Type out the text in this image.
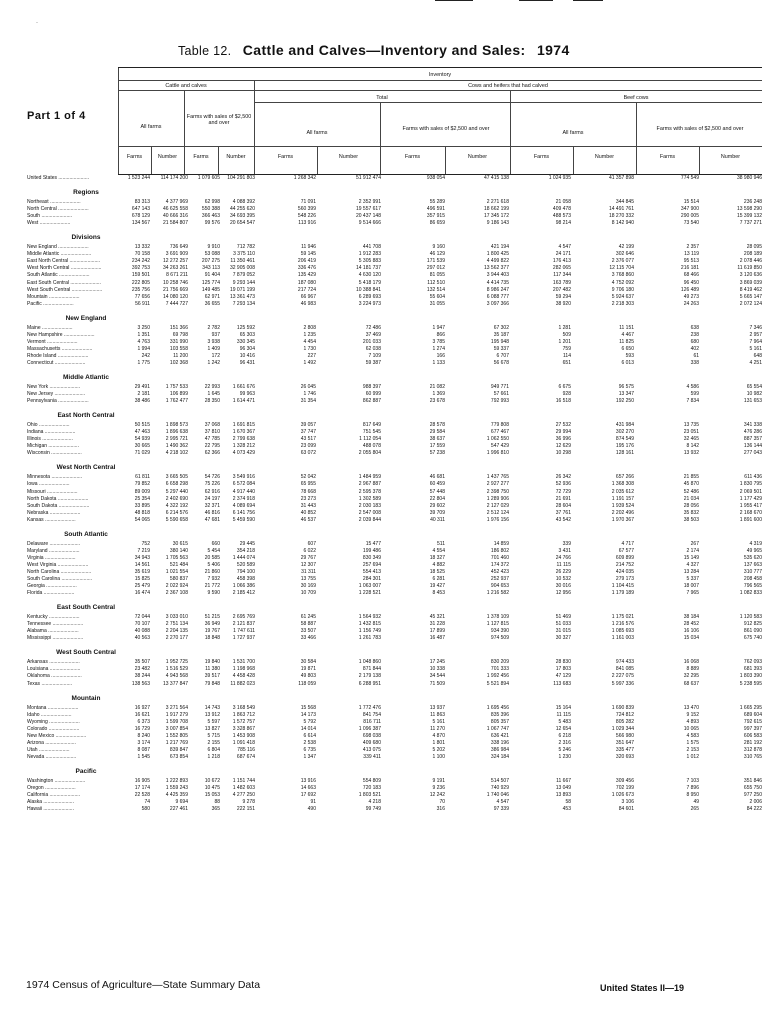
·
Table 12. Cattle and Calves—Inventory and Sales: 1974
Part 1 of 4
Inventory
Cattle and calves	Cows and heifers that had calved
Total	Beef cows
All farms
Farms with sales of $2,500 and over
All farms
Farms with sales of $2,500 and over
All farms
Farms with sales of $2,500 and over
Farms	Number	Farms	Number	Farms	Number	Farms	Number	Farms	Number	Farms	Number
United States ......................	1 523 244	114 174 200	1 079 605	104 291 803	1 268 342	51 912 474	938 054	47 415 138	1 024 935	41 357 898	774 549	38 980 946
Regions
Northeast ......................	83 313	4 377 969	62 998	4 088 392	71 091	2 352 991	55 289	2 271 618	21 058	344 845	15 514	236 248
North Central ......................	647 143	46 625 558	550 388	44 255 620	560 399	19 557 617	496 591	18 662 199	409 478	14 491 761	347 900	13 598 290
South ......................	678 129	40 666 316	366 463	34 693 395	548 226	20 437 148	357 915	17 345 172	488 573	18 270 332	290 005	15 399 132
West ......................	134 567	21 584 807	99 576	20 654 547	113 916	9 514 666	86 659	9 186 143	98 214	8 142 940	73 540	7 737 271
Divisions
New England ......................	13 332	736 649	9 910	712 782	11 946	441 708	9 160	421 194	4 547	42 199	2 357	28 095
Middle Atlantic ......................	70 158	3 691 909	53 088	3 375 110	59 145	1 912 283	46 129	1 800 425	24 171	302 646	13 119	208 189
East North Central ......................	234 242	12 272 257	207 275	11 350 461	206 419	5 305 883	171 539	4 499 822	176 413	2 376 077	95 513	2 078 446
West North Central ......................	392 753	34 263 261	343 113	32 905 008	336 476	14 181 737	297 012	13 562 377	282 065	12 115 704	216 181	11 619 850
South Atlantic ......................	159 501	8 671 211	91 404	7 879 052	135 429	4 630 120	81 055	3 944 403	117 344	3 768 860	68 466	3 120 636
East South Central ......................	222 805	10 258 746	125 774	9 293 144	187 080	5 418 179	112 510	4 414 735	163 789	4 752 092	96 450	3 869 039
West South Central ......................	235 756	21 756 669	149 485	19 071 199	217 724	10 388 841	132 514	8 986 247	207 482	9 706 180	126 489	8 419 462
Mountain ......................	77 656	14 080 120	62 971	13 361 473	66 967	6 289 693	55 604	6 088 777	59 294	5 924 637	49 273	5 665 147
Pacific ......................	56 911	7 444 727	36 655	7 293 134	46 983	3 224 973	31 055	3 097 366	38 920	2 218 303	24 263	2 072 124
New England
Maine ......................	3 250	151 366	2 782	125 592	2 808	72 486	1 947	67 302	1 281	11 151	638	7 346
New Hampshire ......................	1 351	69 798	937	65 303	1 235	37 469	866	35 187	509	4 467	238	2 957
Vermont ......................	4 763	331 990	3 938	330 345	4 454	201 033	3 785	195 948	1 201	11 825	680	7 964
Massachusetts ......................	1 994	103 558	1 409	96 304	1 730	62 038	1 274	59 337	759	6 650	402	5 161
Rhode Island ......................	242	11 200	172	10 416	227	7 109	166	6 707	114	593	61	648
Connecticut ......................	1 775	102 368	1 242	96 431	1 492	59 387	1 133	56 678	651	6 013	338	4 251
Middle Atlantic
New York ......................	29 491	1 757 533	22 993	1 661 676	26 045	988 397	21 082	949 771	6 675	96 575	4 586	65 554
New Jersey ......................	2 181	106 899	1 645	99 963	1 746	60 999	1 369	57 661	928	13 347	599	10 982
Pennsylvania ......................	38 486	1 762 477	28 350	1 614 471	31 354	862 887	23 678	792 993	16 518	192 250	7 834	131 653
East North Central
Ohio ......................	50 515	1 898 573	37 068	1 691 815	39 057	817 649	28 578	779 808	27 532	431 984	13 735	341 338
Indiana ......................	47 463	1 896 638	37 810	1 670 367	37 747	751 545	29 584	677 467	29 994	302 270	23 051	476 286
Illinois ......................	54 939	2 995 721	47 785	2 799 638	43 517	1 112 054	38 637	1 062 550	36 996	874 549	32 465	887 357
Michigan ......................	30 665	1 490 362	22 795	1 328 212	23 099	488 078	17 559	547 429	12 629	195 176	8 142	136 144
Wisconsin ......................	71 029	4 218 102	62 366	4 073 429	63 072	2 055 804	57 238	1 996 810	10 298	128 161	13 932	277 043
West North Central
Minnesota ......................	61 811	3 665 505	54 726	3 549 916	52 042	1 484 959	46 681	1 437 765	26 342	657 266	21 855	611 436
Iowa ......................	79 852	6 658 298	75 226	6 572 084	65 955	2 967 887	60 459	2 927 277	52 936	1 368 308	45 870	1 830 795
Missouri ......................	89 009	5 297 440	62 916	4 917 440	78 668	2 595 378	57 448	2 398 750	72 729	2 035 612	52 486	2 069 501
North Dakota ......................	25 354	2 402 690	24 197	2 374 918	23 273	1 302 589	22 804	1 289 906	21 691	1 191 157	21 034	1 177 429
South Dakota ......................	33 895	4 322 192	32 371	4 089 694	31 443	2 030 183	29 602	2 127 029	28 604	1 939 524	28 056	1 955 417
Nebraska ......................	48 818	6 214 576	46 816	6 141 756	40 852	2 547 008	39 709	2 512 124	37 761	2 202 496	35 832	2 168 670
Kansas ......................	54 065	5 590 658	47 681	5 459 590	46 537	2 039 844	40 311	1 976 156	43 542	1 970 367	38 503	1 891 600
South Atlantic
Delaware ......................	752	30 615	660	29 445	607	15 477	511	14 859	339	4 717	267	4 319
Maryland ......................	7 219	380 140	5 454	354 218	6 022	199 486	4 554	186 802	3 431	67 577	2 174	49 965
Virginia ......................	34 943	1 705 563	20 585	1 444 074	29 767	830 349	18 327	701 460	24 766	609 899	15 149	535 620
West Virginia ......................	14 561	521 484	5 406	520 589	12 307	257 694	4 882	174 372	11 115	214 752	4 327	137 663
North Carolina ......................	35 619	1 021 554	21 860	794 100	31 311	554 413	18 525	452 423	26 229	424 035	13 284	310 777
South Carolina ......................	15 825	580 837	7 932	458 398	13 755	284 301	6 281	252 937	10 532	279 173	5 337	208 458
Georgia ......................	25 479	2 022 924	21 772	1 066 386	30 169	1 063 007	19 427	904 653	30 016	1 104 415	18 007	796 565
Florida ......................	16 474	2 367 108	9 590	2 185 412	10 709	1 228 521	8 453	1 216 582	12 956	1 179 189	7 965	1 082 833
East South Central
Kentucky ......................	72 044	3 033 010	51 215	2 695 769	61 245	1 564 932	45 321	1 378 109	51 469	1 175 021	38 184	1 120 583
Tennessee ......................	70 107	2 751 134	36 949	2 121 837	58 887	1 432 815	31 228	1 127 815	51 033	1 216 576	28 452	912 825
Alabama ......................	40 088	2 204 135	19 767	1 747 611	33 507	1 156 749	17 899	934 390	31 015	1 085 693	16 106	861 090
Mississippi ......................	40 563	2 270 177	18 848	1 727 937	33 466	1 261 783	16 487	974 509	30 327	1 161 003	15 034	675 740
West South Central
Arkansas ......................	35 507	1 952 725	19 840	1 531 700	30 584	1 048 860	17 245	830 209	28 830	974 433	16 068	762 093
Louisiana ......................	23 482	1 516 529	11 380	1 198 968	19 871	871 844	10 338	701 333	17 803	841 085	8 889	681 393
Oklahoma ......................	38 244	4 943 568	39 517	4 458 428	49 803	2 179 138	34 544	1 992 456	47 129	2 227 075	32 295	1 803 390
Texas ......................	138 563	13 377 847	79 848	11 882 023	118 059	6 288 951	71 509	5 521 894	113 683	5 997 336	68 637	5 238 595
Mountain
Montana ......................	16 927	3 271 564	14 743	3 168 549	15 568	1 772 476	13 937	1 695 456	15 164	1 690 839	13 470	1 665 295
Idaho ......................	16 621	1 917 279	13 912	1 863 712	14 173	841 754	11 863	835 396	11 115	724 812	9 152	689 604
Wyoming ......................	6 373	1 599 708	5 597	1 572 757	5 792	816 711	5 161	805 357	5 483	805 282	4 893	792 615
Colorado ......................	16 729	3 007 854	13 827	3 328 867	14 014	1 096 387	11 270	1 067 747	12 654	1 029 344	10 065	997 397
New Mexico ......................	8 240	1 552 805	5 715	1 453 908	6 614	698 038	4 870	636 421	6 218	566 980	4 583	606 583
Arizona ......................	3 174	1 217 769	2 155	1 091 418	2 538	409 680	1 801	338 196	2 316	351 647	1 575	281 192
Utah ......................	8 087	839 847	6 804	785 116	6 735	413 075	5 202	386 984	5 246	335 477	2 153	312 878
Nevada ......................	1 545	673 854	1 218	687 674	1 347	339 411	1 100	324 184	1 230	320 693	1 012	310 765
Pacific
Washington ......................	16 905	1 222 893	10 672	1 151 744	13 916	554 809	9 191	514 507	11 667	309 456	7 103	351 846
Oregon ......................	17 174	1 559 243	10 475	1 482 603	14 663	720 183	9 236	740 929	13 049	702 199	7 896	655 750
California ......................	22 528	4 425 359	15 053	4 277 250	17 692	1 803 521	12 242	1 740 046	13 893	1 026 673	8 950	977 250
Alaska ......................	74	9 694	88	9 278	91	4 218	70	4 547	58	3 106	49	2 006
Hawaii ......................	580	227 461	365	222 151	490	99 749	316	97 339	453	84 601	265	84 222
1974 Census of Agriculture—State Summary Data	United States II—19
